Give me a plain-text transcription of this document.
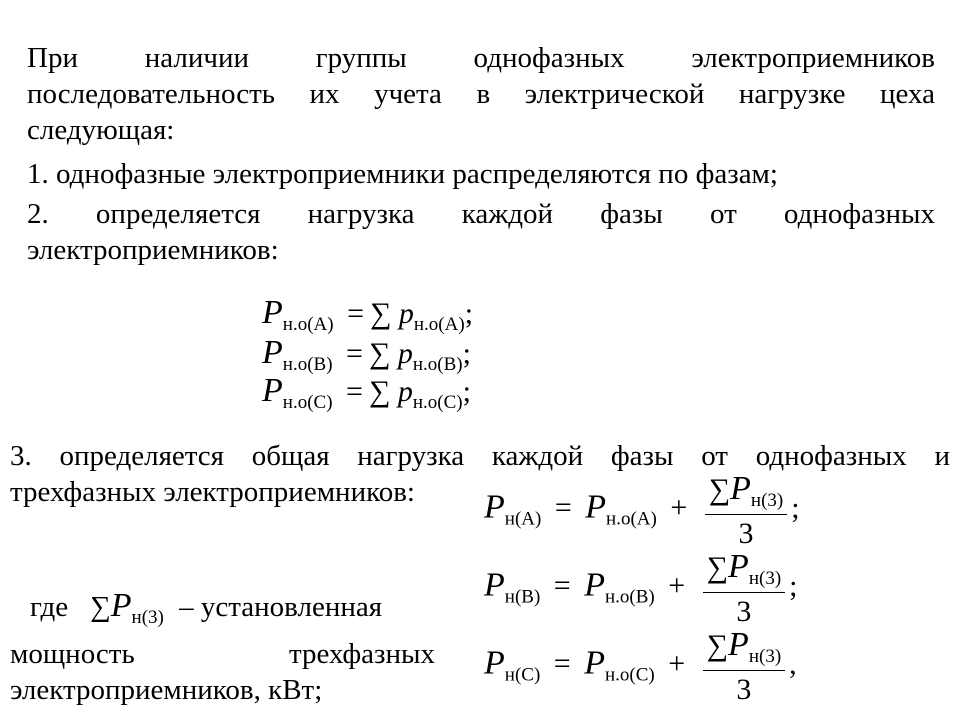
При наличии группы однофазных электроприемников
последовательность их учета в электрической нагрузке цеха
следующая:
1. однофазные электроприемники распределяются по фазам;
2. определяется нагрузка каждой фазы от однофазных
электроприемников:
$P_{н.о(A)}$ = ∑ $p_{н.о(A)}$;
$P_{н.о(B)}$ = ∑ $p_{н.о(B)}$;
$P_{н.о(C)}$ = ∑ $p_{н.о(C)}$;
3. определяется общая нагрузка каждой фазы от однофазных и
трехфазных электроприемников:	$P_{н(A)} = P_{н.о(A)} + \frac{\sum P_{н(3)}}{3}$ ;
$P_{н(B)} = P_{н.о(B)} + \frac{\sum P_{н(3)}}{3}$ ;
$P_{н(C)} = P_{н.о(C)} + \frac{\sum P_{н(3)}}{3}$ ,
где $\sum P_{н(3)}$ – установленная
мощность трехфазных
электроприемников, кВт;
